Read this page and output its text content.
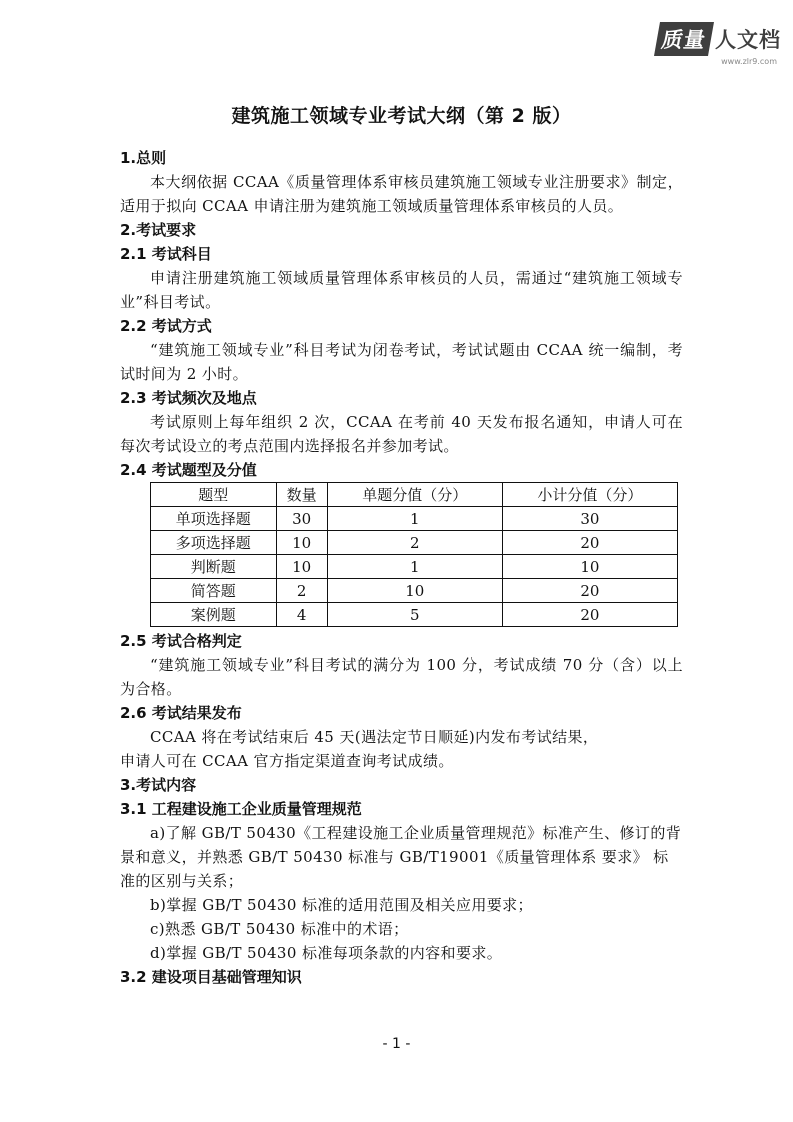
质量 人文档
www.zlr9.com
建筑施工领域专业考试大纲（第 2 版）
1.总则
本大纲依据 CCAA《质量管理体系审核员建筑施工领域专业注册要求》制定，适用于拟向 CCAA 申请注册为建筑施工领域质量管理体系审核员的人员。
2.考试要求
2.1 考试科目
申请注册建筑施工领域质量管理体系审核员的人员，需通过“建筑施工领域专业”科目考试。
2.2 考试方式
“建筑施工领域专业”科目考试为闭卷考试，考试试题由 CCAA 统一编制，考试时间为 2 小时。
2.3 考试频次及地点
考试原则上每年组织 2 次，CCAA 在考前 40 天发布报名通知，申请人可在每次考试设立的考点范围内选择报名并参加考试。
2.4 考试题型及分值
题型	数量	单题分值（分）	小计分值（分）
单项选择题	30	1	30
多项选择题	10	2	20
判断题	10	1	10
简答题	2	10	20
案例题	4	5	20
2.5 考试合格判定
“建筑施工领域专业”科目考试的满分为 100 分，考试成绩 70 分（含）以上为合格。
2.6 考试结果发布
CCAA 将在考试结束后 45 天(遇法定节日顺延)内发布考试结果，
申请人可在 CCAA 官方指定渠道查询考试成绩。
3.考试内容
3.1 工程建设施工企业质量管理规范
a)了解 GB/T 50430《工程建设施工企业质量管理规范》标准产生、修订的背景和意义，并熟悉 GB/T 50430 标准与 GB/T19001《质量管理体系 要求》 标准的区别与关系；
b)掌握 GB/T 50430 标准的适用范围及相关应用要求；
c)熟悉 GB/T 50430 标准中的术语；
d)掌握 GB/T 50430 标准每项条款的内容和要求。
3.2 建设项目基础管理知识
- 1 -
